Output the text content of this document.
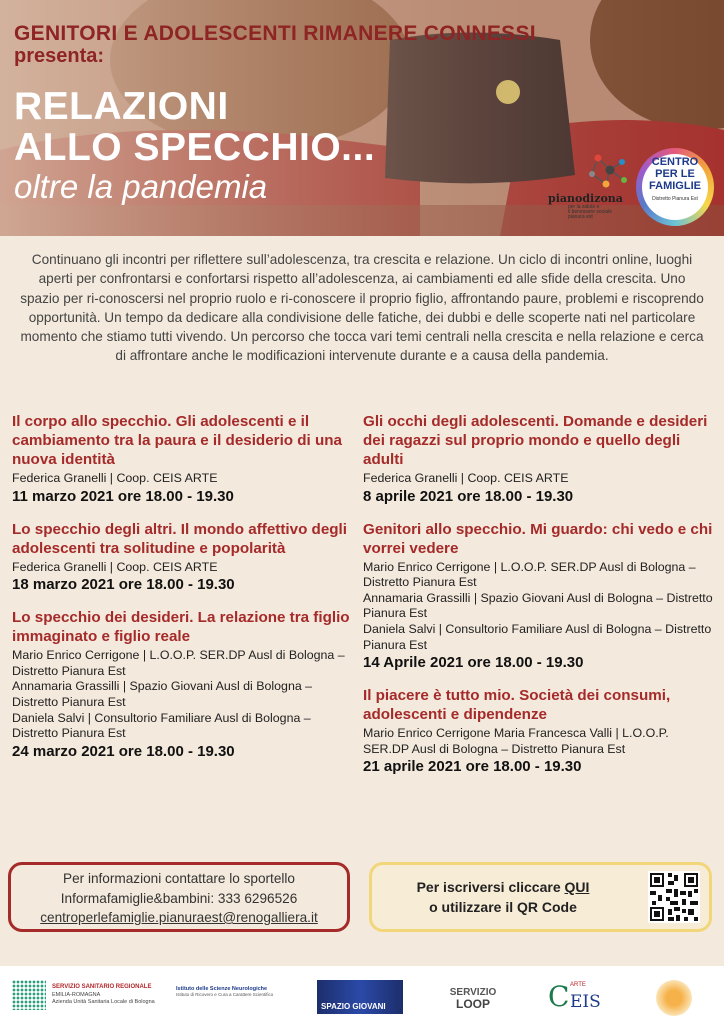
GENITORI E ADOLESCENTI RIMANERE CONNESSI
presenta:
RELAZIONI
ALLO SPECCHIO...
oltre la pandemia	pianodizona
per la salute e
il benessere sociale
pianura est
CENTRO
PER LE
FAMIGLIE
Distretto Pianura Est
Continuano gli incontri per riflettere sull’adolescenza, tra crescita e relazione. Un ciclo di incontri online, luoghi aperti per confrontarsi e confortarsi rispetto all’adolescenza, ai cambiamenti ed alle sfide della crescita. Uno spazio per ri-conoscersi nel proprio ruolo e ri-conoscere il proprio figlio, affrontando paure, problemi e riscoprendo opportunità. Un tempo da dedicare alla condivisione delle fatiche, dei dubbi e delle scoperte nati nel particolare momento che stiamo tutti vivendo. Un percorso che tocca vari temi centrali nella crescita e nella relazione e cerca di affrontare anche le modificazioni intervenute durante e a causa della pandemia.
Il corpo allo specchio. Gli adolescenti e il cambiamento tra la paura e il desiderio di una nuova identità
Federica Granelli | Coop. CEIS ARTE
11 marzo 2021 ore 18.00 - 19.30
Lo specchio degli altri. Il mondo affettivo degli adolescenti tra solitudine e popolarità
Federica Granelli | Coop. CEIS ARTE
18 marzo 2021 ore 18.00 - 19.30
Lo specchio dei desideri. La relazione tra figlio immaginato e figlio reale
Mario Enrico Cerrigone | L.O.O.P. SER.DP Ausl di Bologna – Distretto Pianura Est
Annamaria Grassilli | Spazio Giovani Ausl di Bologna – Distretto Pianura Est
Daniela Salvi | Consultorio Familiare Ausl di Bologna – Distretto Pianura Est
24 marzo 2021 ore 18.00 - 19.30
Gli occhi degli adolescenti. Domande e desideri dei ragazzi sul proprio mondo e quello degli adulti
Federica Granelli | Coop. CEIS ARTE
8 aprile 2021 ore 18.00 - 19.30
Genitori allo specchio. Mi guardo: chi vedo e chi vorrei vedere
Mario Enrico Cerrigone | L.O.O.P. SER.DP Ausl di Bologna – Distretto Pianura Est
Annamaria Grassilli | Spazio Giovani Ausl di Bologna – Distretto Pianura Est
Daniela Salvi | Consultorio Familiare Ausl di Bologna – Distretto Pianura Est
14 Aprile 2021 ore 18.00 - 19.30
Il piacere è tutto mio. Società dei consumi, adolescenti e dipendenze
Mario Enrico Cerrigone Maria Francesca Valli | L.O.O.P. SER.DP Ausl di Bologna – Distretto Pianura Est
21 aprile 2021 ore 18.00 - 19.30
Per informazioni contattare lo sportello
Informafamiglie&bambini: 333 6296526
centroperlefamiglie.pianuraest@renogalliera.it
Per iscriversi cliccare QUI
o utilizzare il QR Code
SERVIZIO SANITARIO REGIONALE
EMILIA-ROMAGNA
Azienda Unità Sanitaria Locale di Bologna
Istituto delle Scienze Neurologiche
Istituto di Ricovero e Cura a Carattere Scientifico
SPAZIO GIOVANI
SERVIZIO
LOOP	C ARTE
EIS
